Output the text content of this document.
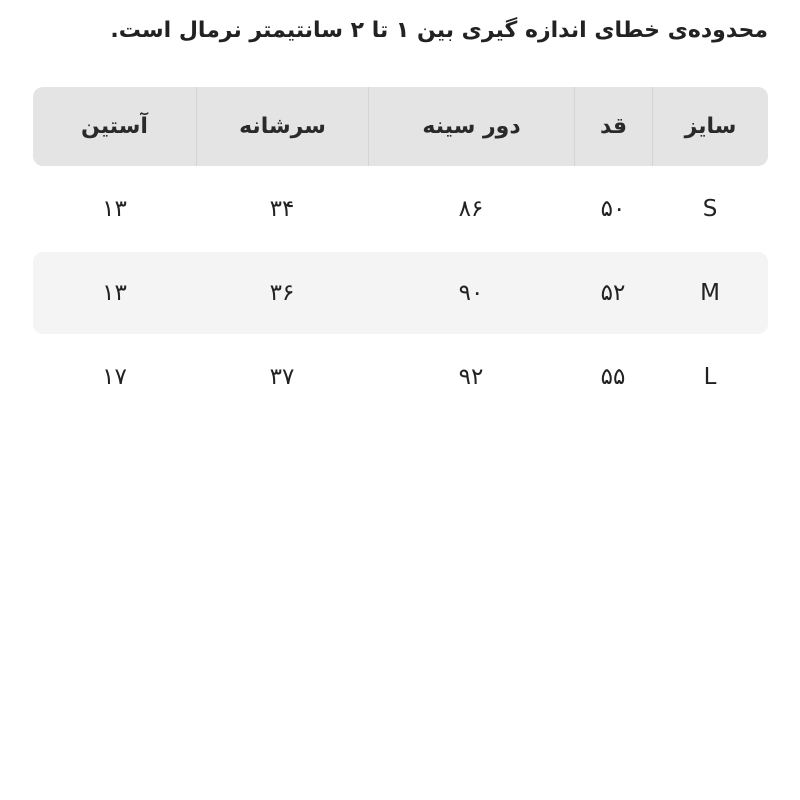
محدوده‌ی خطای اندازه گیری بین ۱ تا ۲ سانتیمتر نرمال است.
سایز
قد
دور سینه
سرشانه
آستین
S
۵۰
۸۶
۳۴
۱۳
M
۵۲
۹۰
۳۶
۱۳
L
۵۵
۹۲
۳۷
۱۷
